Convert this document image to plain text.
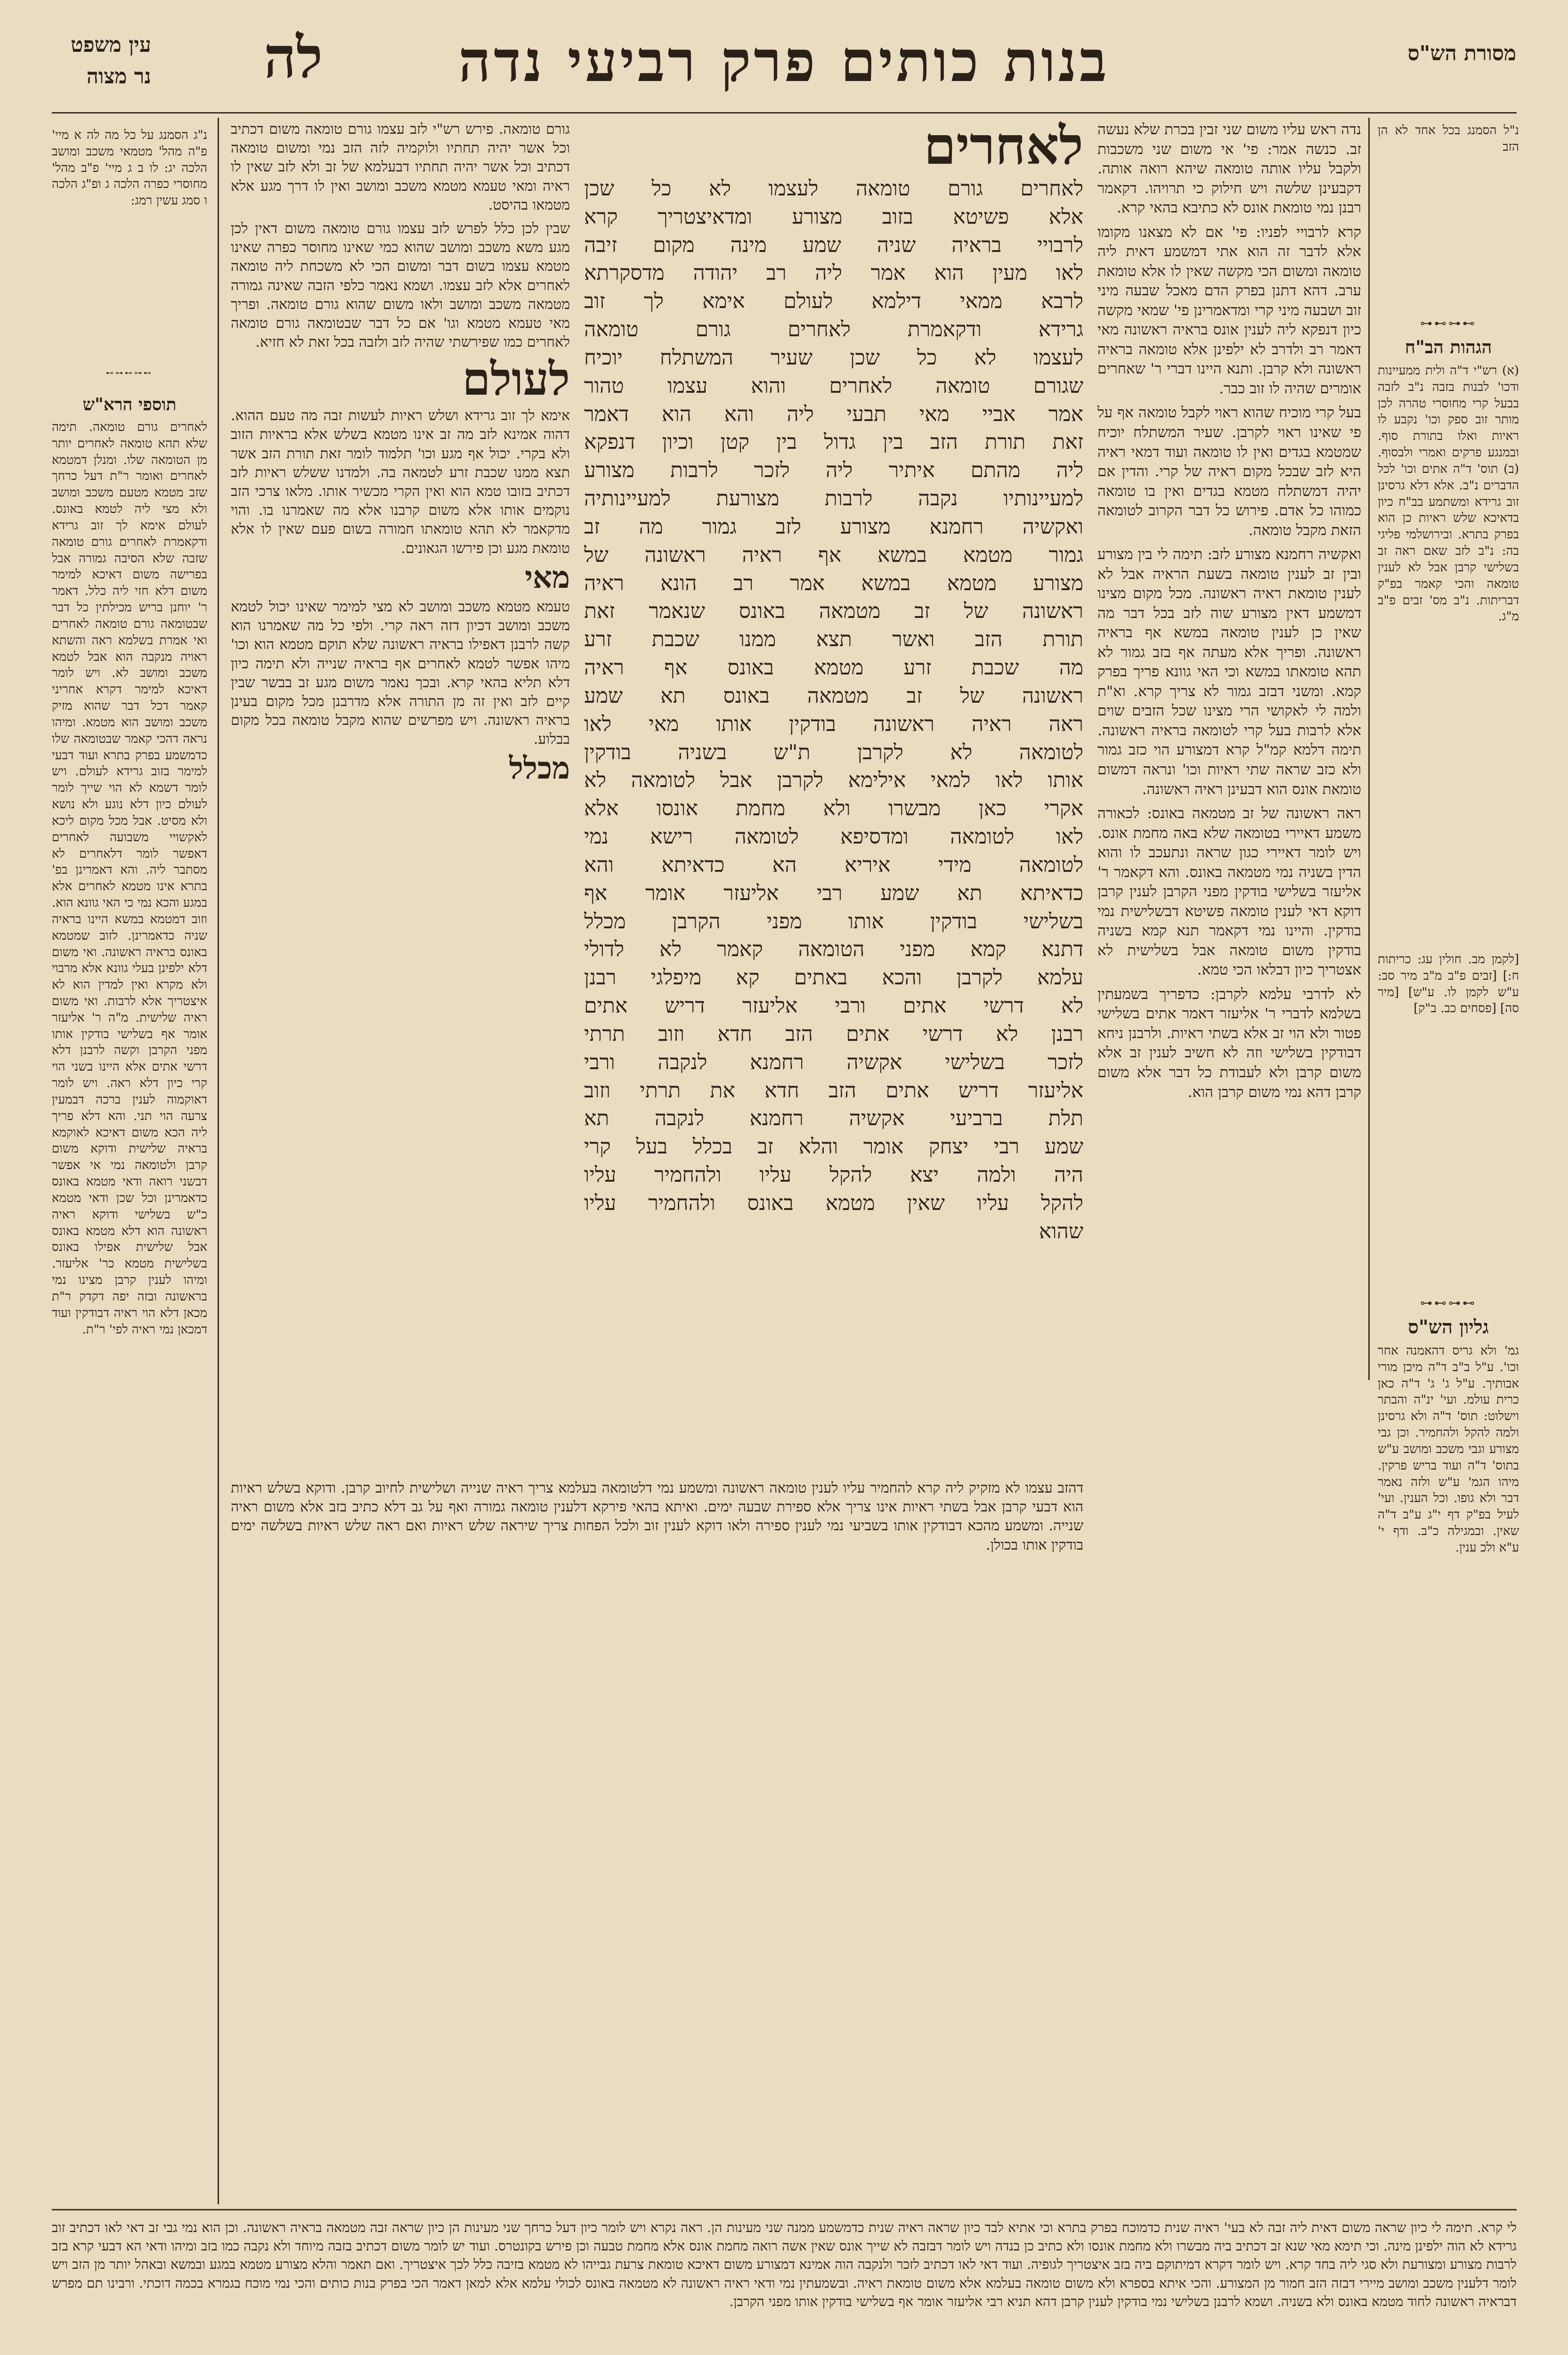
עין משפט
נר מצוה לה	בנות כותים פרק רביעי נדה	מסורת הש"ס

נ"ג הסמנג על כל מה לה א מיי' פ"ה מהל' מטמאי משכב ומושב הלכה יג: לו ב ג מיי' פ"ב מהל' מחוסרי כפרה הלכה ג ופ"ג הלכה ו סמג עשין רמג:

⊶⊷⊶⊷⊶
תוספי הרא"ש

לאחרים גורם טומאה. תימה שלא תהא טומאה לאחרים יותר מן הטומאה שלו. ומנלן דמטמא לאחרים ואומר ר"ת דעל כרחך שזב מטמא מטעם משכב ומושב ולא מצי ליה לטמא באונס. לעולם אימא לך זוב גרידא ודקאמרת לאחרים גורם טומאה שזבה שלא הסיבה גמורה אבל בפרישה משום דאיכא למימר משום דלא חזי ליה כלל. דאמר ר' יוחנן בריש מכילתין כל דבר שבטומאה גורם טומאה לאחרים ואי אמרת בשלמא ראה והשתא ראויה מנקבה הוא אבל לטמא משכב ומושב לא. ויש לומר דאיכא למימר דקרא אחריני קאמר דכל דבר שהוא מזיק משכב ומושב הוא מטמא. ומיהו נראה דהכי קאמר שבטומאה שלו כדמשמע בפרק בתרא ועוד דבעי למימר בזוב גרידא לעולם. ויש לומר דשמא לא הוי שייך לומר לעולם כיון דלא נוגע ולא נושא ולא מסיט. אבל מכל מקום ליכא לאקשויי משבועה לאחרים דאפשר לומר דלאחרים לא מסתבר ליה. והא דאמרינן בפ' בתרא אינו מטמא לאחרים אלא במגע והכא נמי כי האי גוונא הוא. וזוב דמטמא במשא היינו בראיה שניה כדאמרינן. לזוב שמטמא באונס בראיה ראשונה. ואי משום דלא ילפינן בעלי גוונא אלא מרבוי ולא מקרא ואין למדין הוא לא איצטריך אלא לרבות. ואי משום ראיה שלישית. מ"ה ר' אליעזר אומר אף בשלישי בודקין אותו מפני הקרבן וקשה לרבנן דלא דרשי אתים אלא היינו בשני הוי קרי כיון דלא ראה. ויש לומר דאוקמוה לענין ברכה דבמעין צרעה הוי תני. והא דלא פריך ליה הכא משום דאיכא לאוקמא בראיה שלישית ודוקא משום קרבן ולטומאה נמי אי אפשר דבשני רואה ודאי מטמא באונס כדאמרינן וכל שכן ודאי מטמא כ"ש בשלישי ודוקא ראיה ראשונה הוא דלא מטמא באונס אבל שלישית אפילו באונס בשלישית מטמא כר' אליעזר. ומיהו לענין קרבן מצינו נמי בראשונה ובזה יפה דקדק ר"ת מכאן דלא הוי ראיה דבודקין ועוד דמכאן נמי ראיה לפי' ר"ת.

גורם טומאה. פירש רש"י לזב עצמו גורם טומאה משום דכתיב וכל אשר יהיה תחתיו ולוקמיה לזה הזב נמי ומשום טומאה דכתיב וכל אשר יהיה תחתיו דבעלמא של זב ולא לזב שאין לו ראיה ומאי טעמא מטמא משכב ומושב ואין לו דרך מגע אלא מטמאו בהיסט.

שבין לכן כלל לפרש לזב עצמו גורם טומאה משום דאין לכן מגע משא משכב ומושב שהוא כמי שאינו מחוסר כפרה שאינו מטמא עצמו בשום דבר ומשום הכי לא משכחת ליה טומאה לאחרים אלא לזב עצמו. ושמא נאמר כלפי הזבה שאינה גמורה מטמאה משכב ומושב ולאו משום שהוא גורם טומאה. ופריך מאי טעמא מטמא וגו' אם כל דבר שבטומאה גורם טומאה לאחרים כמו שפירשתי שהיה לזב ולזבה בכל זאת לא חזיא.

לעולם

אימא לך זוב גרידא ושלש ראיות לעשות זבה מה טעם ההוא. דהוה אמינא לזב מה זב אינו מטמא בשלש אלא בראיות הזוב ולא בקרי. יכול אף מגע וכו' תלמוד לומר זאת תורת הזב אשר תצא ממנו שכבת זרע לטמאה בה. ולמדנו ששלש ראיות לזב דכתיב בזובו טמא הוא ואין הקרי מכשיר אותו. מלאו צרכי הזב נוקמים אותו אלא משום קרבנו אלא מה שאמרנו בו. והוי מדקאמר לא תהא טומאתו חמורה בשום פעם שאין לו אלא טומאת מגע וכן פירשו הגאונים.

מאי

טעמא מטמא משכב ומושב לא מצי למימר שאינו יכול לטמא משכב ומושב דכיון דזה ראה קרי. ולפי כל מה שאמרנו הוא קשה לרבנן דאפילו בראיה ראשונה שלא תוקם מטמא הוא וכו' מיהו אפשר לטמא לאחרים אף בראיה שנייה ולא תימה כיון דלא תליא בהאי קרא. ובכך נאמר משום מגע זב בבשר שבין קיים לזב ואין זה מן התורה אלא מדרבנן מכל מקום בעינן בראיה ראשונה. ויש מפרשים שהוא מקבל טומאה בכל מקום בבלוע.

מכלל

לאחרים
לאחרים גורם טומאה לעצמו לא כל שכן
אלא פשיטא בזוב מצורע ומדאיצטריך קרא
לרבויי בראיה שניה שמע מינה מקום זיבה
לאו מעין הוא אמר ליה רב יהודה מדסקרתא
לרבא ממאי דילמא לעולם אימא לך זוב
גרידא ודקאמרת לאחרים גורם טומאה
לעצמו לא כל שכן שעיר המשתלח יוכיח
שגורם טומאה לאחרים והוא עצמו טהור
אמר אביי מאי תבעי ליה והא הוא דאמר
זאת תורת הזב בין גדול בין קטן וכיון דנפקא
ליה מהתם איתיר ליה לזכר לרבות מצורע
למעיינותיו נקבה לרבות מצורעת למעיינותיה
ואקשיה רחמנא מצורע לזב גמור מה זב
גמור מטמא במשא אף ראיה ראשונה של
מצורע מטמא במשא אמר רב הונא ראיה
ראשונה של זב מטמאה באונס שנאמר זאת
תורת הזב ואשר תצא ממנו שכבת זרע
מה שכבת זרע מטמא באונס אף ראיה
ראשונה של זב מטמאה באונס תא שמע
ראה ראיה ראשונה בודקין אותו מאי לאו
לטומאה לא לקרבן ת"ש בשניה בודקין
אותו לאו למאי אילימא לקרבן אבל לטומאה לא
אקרי כאן מבשרו ולא מחמת אונסו אלא
לאו לטומאה ומדסיפא לטומאה רישא נמי
לטומאה מידי איריא הא כדאיתא והא
כדאיתא תא שמע רבי אליעזר אומר אף
בשלישי בודקין אותו מפני הקרבן מכלל
דתנא קמא מפני הטומאה קאמר לא לדולי
עלמא לקרבן והכא באתים קא מיפלגי רבנן
לא דרשי אתים ורבי אליעזר דריש אתים
רבנן לא דרשי אתים הזב חדא וזוב תרתי
לזכר בשלישי אקשיה רחמנא לנקבה ורבי
אליעזר דריש אתים הזב חדא את תרתי וזוב
תלת ברביעי אקשיה רחמנא לנקבה תא
שמע רבי יצחק אומר והלא זב בכלל בעל קרי
היה ולמה יצא להקל עליו ולהחמיר עליו
להקל עליו שאין מטמא באונס ולהחמיר עליו
שהוא

נדה ראש עליו משום שני זבין בכרת שלא נעשה זב. כנשה אמר: פי' אי משום שני משכבות ולקבל עליו אותה טומאה שיהא רואה אותה. דקבעינן שלשה ויש חילוק כי תרויהו. דקאמר רבנן נמי טומאת אונס לא כתיבא בהאי קרא.

קרא לרבויי לפניו: פי' אם לא מצאנו מקומו אלא לדבר זה הוא אתי דמשמע דאית ליה טומאה ומשום הכי מקשה שאין לו אלא טומאת ערב. דהא דתנן בפרק הדם מאכל שבעה מיני זוב ושבעה מיני קרי ומדאמרינן פי' שמאי מקשה כיון דנפקא ליה לענין אונס בראיה ראשונה מאי דאמר רב ולדרב לא ילפינן אלא טומאה בראיה ראשונה ולא קרבן. ותנא היינו דברי ר' שאחרים אומרים שהיה לו זוב כבר.

בעל קרי מוכיח שהוא ראוי לקבל טומאה אף על פי שאינו ראוי לקרבן. שעיר המשתלח יוכיח שמטמא בגדים ואין לו טומאה ועוד דמאי ראיה היא לזב שבכל מקום ראיה של קרי. והדין אם יהיה דמשתלח מטמא בגדים ואין בו טומאה כמוהו כל אדם. פירוש כל דבר הקרוב לטומאה הזאת מקבל טומאה.

ואקשיה רחמנא מצורע לזב: תימה לי בין מצורע ובין זב לענין טומאה בשעת הראיה אבל לא לענין טומאת ראיה ראשונה. מכל מקום מצינו דמשמע דאין מצורע שוה לזב בכל דבר מה שאין כן לענין טומאה במשא אף בראיה ראשונה. ופריך אלא מעתה אף בזב גמור לא תהא טומאתו במשא וכי האי גוונא פריך בפרק קמא. ומשני דבזב גמור לא צריך קרא. וא"ת ולמה לי לאקושי הרי מצינו שכל הזבים שוים אלא לרבות בעל קרי לטומאה בראיה ראשונה. תימה דלמא קמ"ל קרא דמצורע הוי כזב גמור ולא כזב שראה שתי ראיות וכו' ונראה דמשום טומאת אונס הוא דבעינן ראיה ראשונה.

ראה ראשונה של זב מטמאה באונס: לכאורה משמע דאיירי בטומאה שלא באה מחמת אונס. ויש לומר דאיירי כגון שראה ונתעכב לו והוא הדין בשניה נמי מטמאה באונס. והא דקאמר ר' אליעזר בשלישי בודקין מפני הקרבן לענין קרבן דוקא דאי לענין טומאה פשיטא דבשלישית נמי בודקין. והיינו נמי דקאמר תנא קמא בשניה בודקין משום טומאה אבל בשלישית לא אצטריך כיון דבלאו הכי טמא.

לא לדרבי עלמא לקרבן: כדפריך בשמעתין בשלמא לדברי ר' אליעזר דאמר אתים בשלישי פטור ולא הוי זב אלא בשתי ראיות. ולרבנן ניחא דבודקין בשלישי וזה לא חשיב לענין זב אלא משום קרבן ולא לעבודת כל דבר אלא משום קרבן דהא נמי משום קרבן הוא.

נ"ל הסמנג בכל אחד לא הן הזב

⊶⊷⊶⊷
הגהות הב"ח

(א) רש"י ד"ה ולית ממעיינות ודכו' לבנות בזבה נ"ב לזבה בבעל קרי מחוסרי טהרה לכן מותר זוב ספק וכו' נקבע לו ראיות ואלו בתורת סוף. ובמנגע פרקים ואמרי ולבסוף. (ב) תוס' ד"ה אתים וכו' לכל הדברים נ"ב. אלא דלא גרסינן זוב גרידא ומשתמע בב"ח כיון בדאיכא שלש ראיות כן הוא בפרק בתרא. ובירושלמי פליגי בה: נ"ב לזב שאם ראה זב בשלישי קרבן אבל לא לענין טומאה והכי קאמר בפ"ק דבריתות. נ"ב מס' זבים פ"ב מ"ג.

[לקמן מב. חולין עג: כריתות ח:] [זבים פ"ב מ"ב מיר סב: ע"ש לקמן לו. ע"ש] [מיר סה] [פסחים כב. ב"ק]

⊶⊷⊶⊷
גליון הש"ס

גמ' ולא גריס דהאמנה אחר וכו'. ע"ל ב"ב ד"ה מיכן מורי אבותיך. ע"ל ג' ג' ד"ה כאן כרית עולמ. ועי' ינ"ה והבתר וישלוט: תוס' ד"ה ולא גרסינן ולמה להקל ולהחמיר. וכן גבי מצורע וגבי משכב ומושב ע"ש בתוס' ד"ה ועוד בריש פרקין. מיהו הגמ' ע"ש ולזה נאמר דבר ולא גופו. וכל הענין. ועי' לעיל בפ"ק דף י"ג ע"ב ד"ה שאין. ובמגילה כ"ב. ודף י' ע"א ולכ ענין.

דהזב עצמו לא מזקיק ליה קרא להחמיר עליו לענין טומאה ראשונה ומשמע נמי דלטומאה בעלמא צריך ראיה שנייה ושלישית לחיוב קרבן. ודוקא בשלש ראיות הוא דבעי קרבן אבל בשתי ראיות אינו צריך אלא ספירת שבעה ימים. ואיתא בהאי פירקא דלענין טומאה גמורה ואף על גב דלא כתיב בזב אלא משום ראיה שנייה. ומשמע מהכא דבודקין אותו בשביעי נמי לענין ספירה ולאו דוקא לענין זוב ולכל הפחות צריך שיראה שלש ראיות ואם ראה שלש ראיות בשלשה ימים בודקין אותו בכולן.

לי קרא. תימה לי כיון שראה משום דאית ליה זבה לא בעי' ראיה שנית כדמוכח בפרק בתרא וכי אתיא לבד כיון שראה ראיה שנית כדמשמע ממנה שני מעינות הן. ראה נקרא ויש לומר כיון דעל כרחך שני מעינות הן כיון שראה זבה מטמאה בראיה ראשונה. וכן הוא נמי גבי זב דאי לאו דכתיב זוב גרידא לא הוה ילפינן מינה. וכי תימא מאי שנא זב דכתיב ביה מבשרו ולא מחמת אונסו ולא כתיב כן בנדה ויש לומר דבזבה לא שייך אונס שאין אשה רואה מחמת אונס אלא מחמת טבעה וכן פירש בקונטרס. ועוד יש לומר משום דכתיב בזבה מיוחד ולא נקבה כמו בזב ומיהו ודאי הא דבעי קרא בזב לרבות מצורע ומצורעת ולא סגי ליה בחד קרא. ויש לומר דקרא דמיתוקם ביה בזב איצטריך לגופיה. ועוד דאי לאו דכתיב לזכר ולנקבה הוה אמינא דמצורע משום דאיכא טומאת צרעת גבייהו לא מטמא בזיבה כלל לכך איצטריך. ואם תאמר והלא מצורע מטמא במגע ובמשא ובאהל יותר מן הזב ויש לומר דלענין משכב ומושב מיירי דבזה הזב חמור מן המצורע. והכי איתא בספרא ולא משום טומאה בעלמא אלא משום טומאת ראיה. ובשמעתין נמי ודאי ראיה ראשונה לא מטמאה באונס לכולי עלמא אלא למאן דאמר הכי בפרק בנות כותים והכי נמי מוכח בגמרא בכמה דוכתי. ורבינו תם מפרש דבראיה ראשונה לחוד מטמא באונס ולא בשניה. ושמא לרבנן בשלישי נמי בודקין לענין קרבן דהא תניא רבי אליעזר אומר אף בשלישי בודקין אותו מפני הקרבן.
